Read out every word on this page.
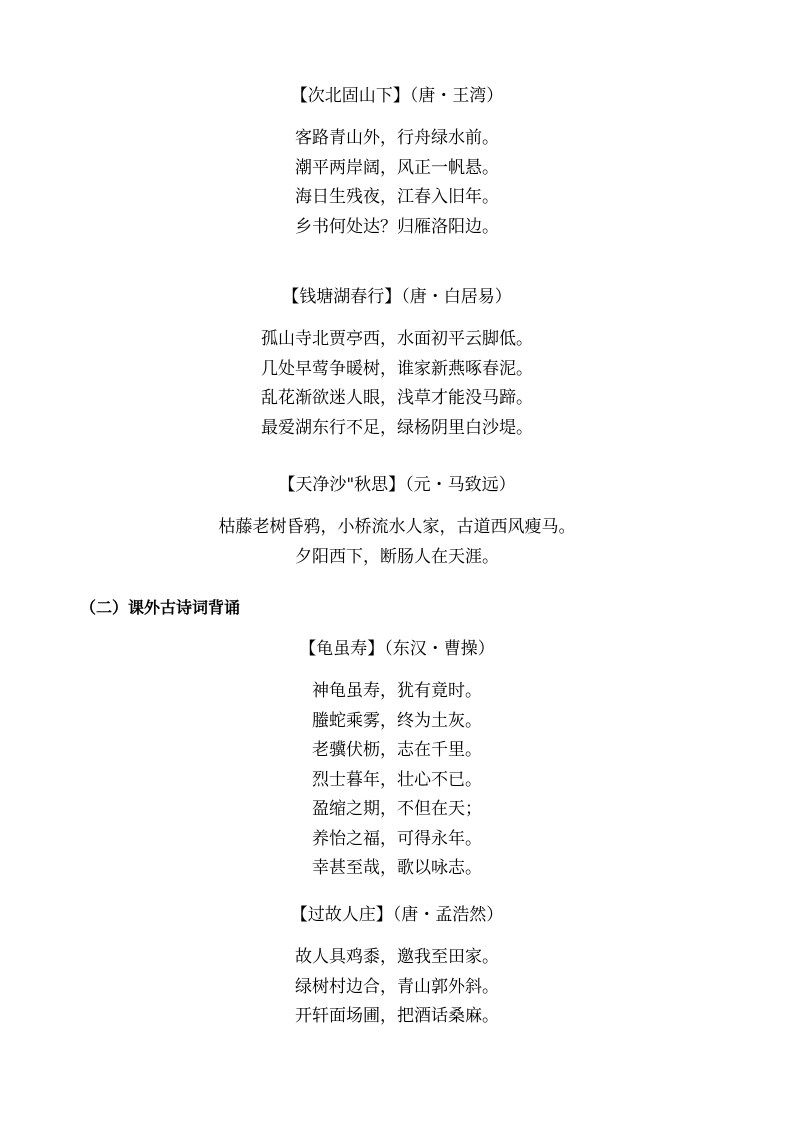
【次北固山下】（唐・王湾）
客路青山外，行舟绿水前。
潮平两岸阔，风正一帆悬。
海日生残夜，江春入旧年。
乡书何处达？归雁洛阳边。
【钱塘湖春行】（唐・白居易）
孤山寺北贾亭西，水面初平云脚低。
几处早莺争暖树，谁家新燕啄春泥。
乱花渐欲迷人眼，浅草才能没马蹄。
最爱湖东行不足，绿杨阴里白沙堤。
【天净沙"秋思】（元・马致远）
枯藤老树昏鸦，小桥流水人家，古道西风瘦马。
夕阳西下，断肠人在天涯。
（二）课外古诗词背诵
【龟虽寿】（东汉・曹操）
神龟虽寿，犹有竟时。
螣蛇乘雾，终为土灰。
老骥伏枥，志在千里。
烈士暮年，壮心不已。
盈缩之期，不但在天；
养怡之福，可得永年。
幸甚至哉，歌以咏志。
【过故人庄】（唐・孟浩然）
故人具鸡黍，邀我至田家。
绿树村边合，青山郭外斜。
开轩面场圃，把酒话桑麻。
